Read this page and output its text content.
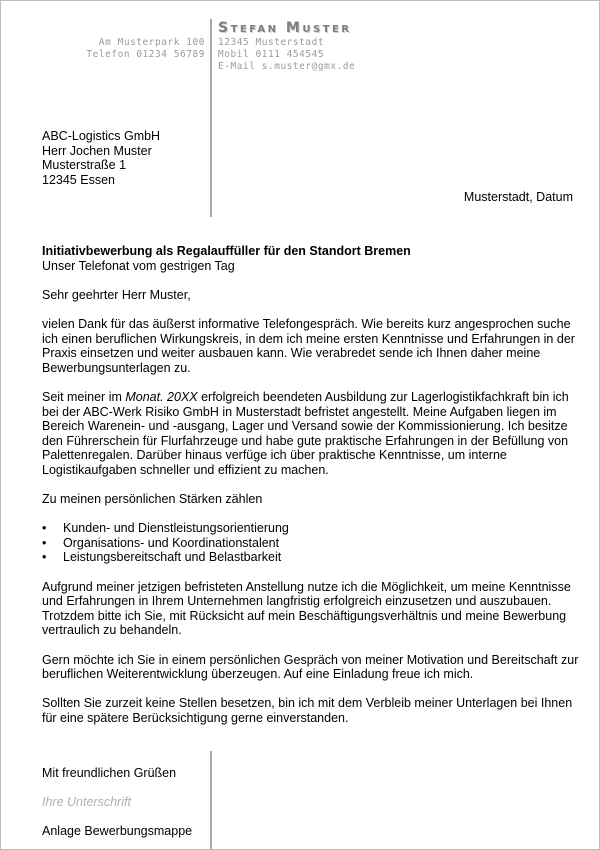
Am Musterpark 100
Telefon 01234 56789
Stefan Muster
12345 Musterstadt
Mobil 0111 454545
E-Mail s.muster@gmx.de
ABC-Logistics GmbH
Herr Jochen Muster
Musterstraße 1
12345 Essen
Musterstadt, Datum

Initiativbewerbung als Regalauffüller für den Standort Bremen

Unser Telefonat vom gestrigen Tag

Sehr geehrter Herr Muster,

vielen Dank für das äußerst informative Telefongespräch. Wie bereits kurz angesprochen suche ich einen beruflichen Wirkungskreis, in dem ich meine ersten Kenntnisse und Erfahrungen in der Praxis einsetzen und weiter ausbauen kann. Wie verabredet sende ich Ihnen daher meine Bewerbungsunterlagen zu.

Seit meiner im Monat. 20XX erfolgreich beendeten Ausbildung zur Lagerlogistikfachkraft bin ich bei der ABC-Werk Risiko GmbH in Musterstadt befristet angestellt. Meine Aufgaben liegen im Bereich Warenein- und -ausgang, Lager und Versand sowie der Kommissionierung. Ich besitze den Führerschein für Flurfahrzeuge und habe gute praktische Erfahrungen in der Befüllung von Palettenregalen. Darüber hinaus verfüge ich über praktische Kenntnisse, um interne Logistikaufgaben schneller und effizient zu machen.

Zu meinen persönlichen Stärken zählen

• Kunden- und Dienstleistungsorientierung
• Organisations- und Koordinationstalent
• Leistungsbereitschaft und Belastbarkeit

Aufgrund meiner jetzigen befristeten Anstellung nutze ich die Möglichkeit, um meine Kenntnisse und Erfahrungen in Ihrem Unternehmen langfristig erfolgreich einzusetzen und auszubauen. Trotzdem bitte ich Sie, mit Rücksicht auf mein Beschäftigungsverhältnis und meine Bewerbung vertraulich zu behandeln.

Gern möchte ich Sie in einem persönlichen Gespräch von meiner Motivation und Bereitschaft zur beruflichen Weiterentwicklung überzeugen. Auf eine Einladung freue ich mich.

Sollten Sie zurzeit keine Stellen besetzen, bin ich mit dem Verbleib meiner Unterlagen bei Ihnen für eine spätere Berücksichtigung gerne einverstanden.

Mit freundlichen Grüßen
Ihre Unterschrift
Anlage Bewerbungsmappe
